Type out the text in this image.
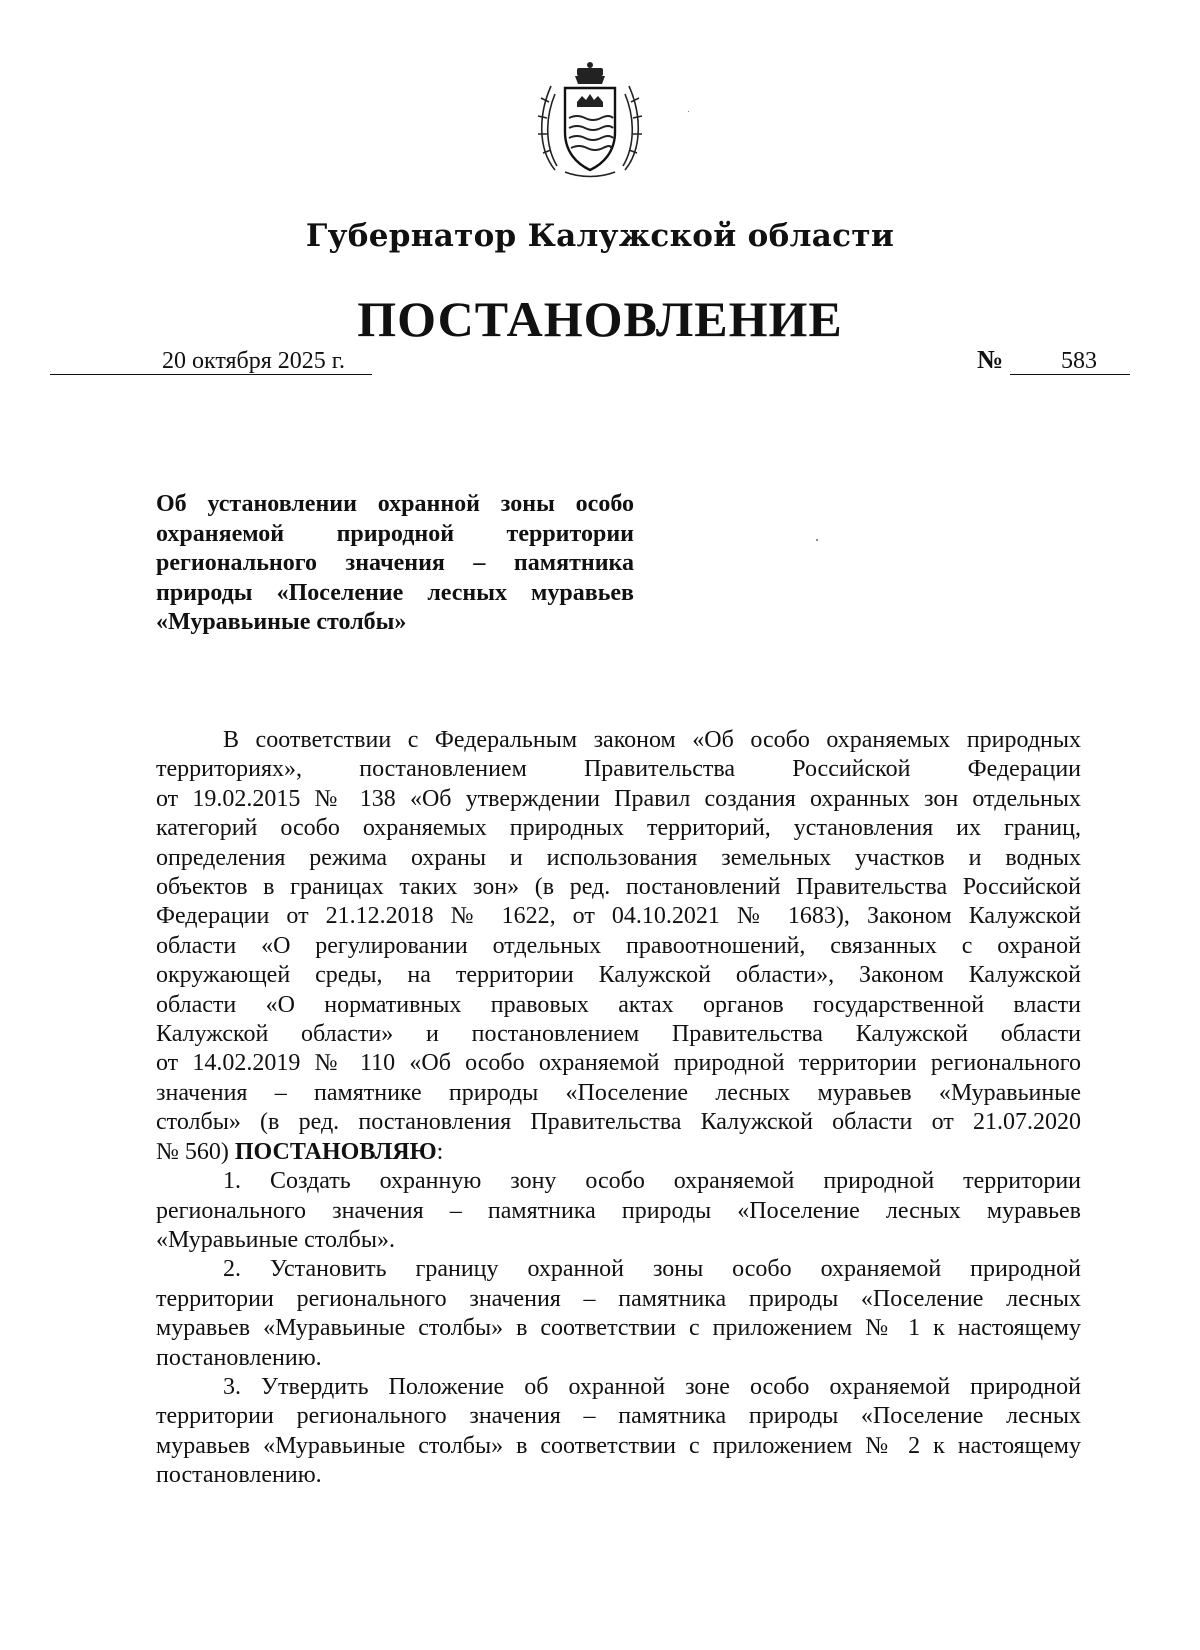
Губернатор Калужской области
ПОСТАНОВЛЕНИЕ
20 октября 2025 г.	№	583
Об установлении охранной зоны особо
охраняемой природной территории
регионального значения – памятника
природы «Поселение лесных муравьев
«Муравьиные столбы»
В соответствии с Федеральным законом «Об особо охраняемых природных
территориях», постановлением Правительства Российской Федерации
от 19.02.2015 № 138 «Об утверждении Правил создания охранных зон отдельных
категорий особо охраняемых природных территорий, установления их границ,
определения режима охраны и использования земельных участков и водных
объектов в границах таких зон» (в ред. постановлений Правительства Российской
Федерации от 21.12.2018 № 1622, от 04.10.2021 № 1683), Законом Калужской
области «О регулировании отдельных правоотношений, связанных с охраной
окружающей среды, на территории Калужской области», Законом Калужской
области «О нормативных правовых актах органов государственной власти
Калужской области» и постановлением Правительства Калужской области
от 14.02.2019 № 110 «Об особо охраняемой природной территории регионального
значения – памятнике природы «Поселение лесных муравьев «Муравьиные
столбы» (в ред. постановления Правительства Калужской области от 21.07.2020
№ 560) ПОСТАНОВЛЯЮ:
1. Создать охранную зону особо охраняемой природной территории
регионального значения – памятника природы «Поселение лесных муравьев
«Муравьиные столбы».
2. Установить границу охранной зоны особо охраняемой природной
территории регионального значения – памятника природы «Поселение лесных
муравьев «Муравьиные столбы» в соответствии с приложением № 1 к настоящему
постановлению.
3. Утвердить Положение об охранной зоне особо охраняемой природной
территории регионального значения – памятника природы «Поселение лесных
муравьев «Муравьиные столбы» в соответствии с приложением № 2 к настоящему
постановлению.
